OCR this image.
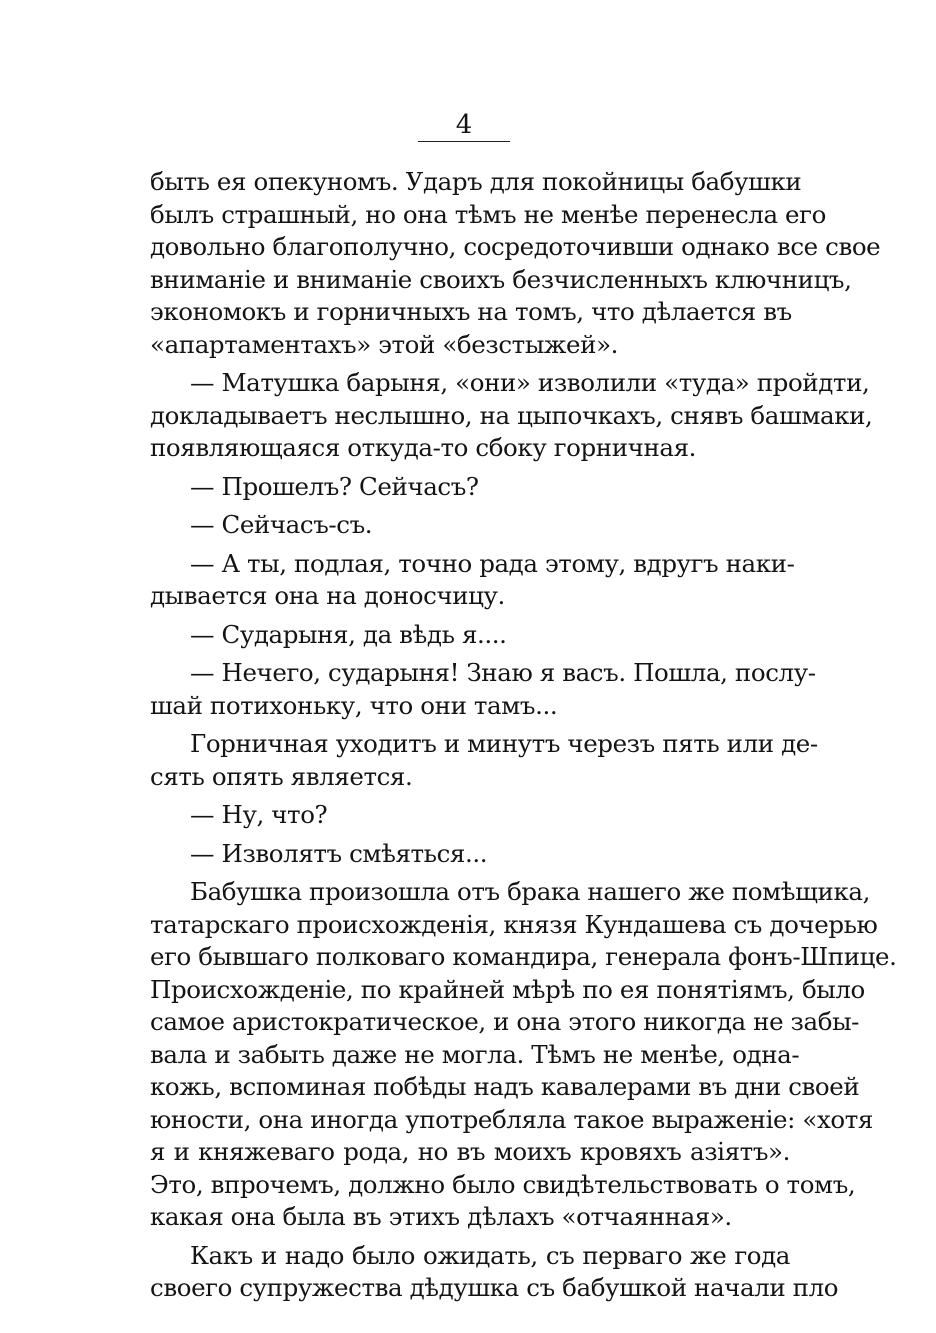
4
быть ея опекуномъ. Ударъ для покойницы бабушки
былъ страшный, но она тѣмъ не менѣе перенесла его
довольно благополучно, сосредоточивши однако все свое
вниманіе и вниманіе своихъ безчисленныхъ ключницъ,
экономокъ и горничныхъ на томъ, что дѣлается въ
«апартаментахъ» этой «безстыжей».
— Матушка барыня, «они» изволили «туда» пройдти,
докладываетъ неслышно, на цыпочкахъ, снявъ башмаки,
появляющаяся откуда-то сбоку горничная.
— Прошелъ? Сейчасъ?
— Сейчасъ-съ.
— А ты, подлая, точно рада этому, вдругъ наки-
дывается она на доносчицу.
— Сударыня, да вѣдь я....
— Нечего, сударыня! Знаю я васъ. Пошла, послу-
шай потихоньку, что они тамъ...
Горничная уходитъ и минутъ черезъ пять или де-
сять опять является.
— Ну, что?
— Изволятъ смѣяться...
Бабушка произошла отъ брака нашего же помѣщика,
татарскаго происхожденія, князя Кундашева съ дочерью
его бывшаго полковаго командира, генерала фонъ-Шпице.
Происхожденіе, по крайней мѣрѣ по ея понятіямъ, было
самое аристократическое, и она этого никогда не забы-
вала и забыть даже не могла. Тѣмъ не менѣе, одна-
кожь, вспоминая побѣды надъ кавалерами въ дни своей
юности, она иногда употребляла такое выраженіе: «хотя
я и княжеваго рода, но въ моихъ кровяхъ азіятъ».
Это, впрочемъ, должно было свидѣтельствовать о томъ,
какая она была въ этихъ дѣлахъ «отчаянная».
Какъ и надо было ожидать, съ перваго же года
своего супружества дѣдушка съ бабушкой начали пло
